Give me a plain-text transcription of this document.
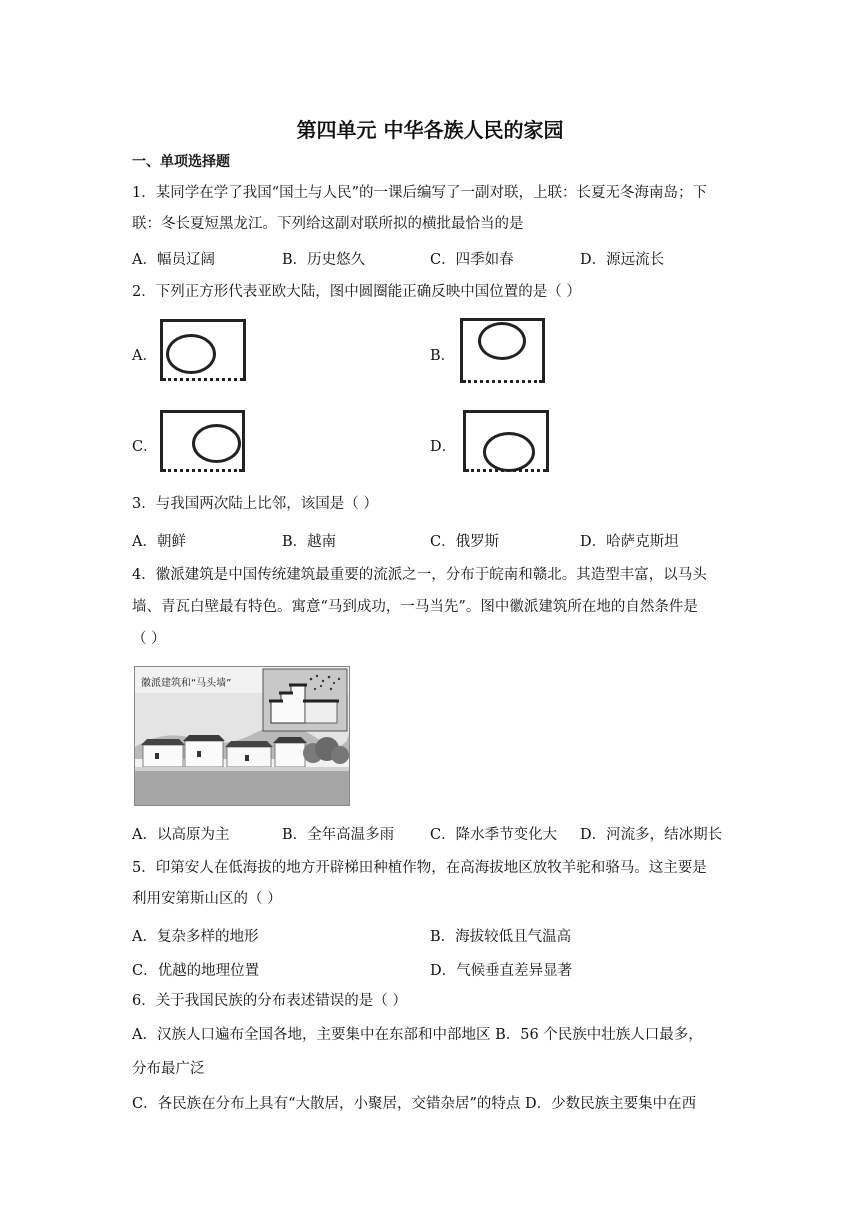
第四单元 中华各族人民的家园
一、单项选择题
1．某同学在学了我国“国土与人民”的一课后编写了一副对联，上联：长夏无冬海南岛；下
联：冬长夏短黑龙江。下列给这副对联所拟的横批最恰当的是
A．幅员辽阔	B．历史悠久	C．四季如春	D．源远流长
2．下列正方形代表亚欧大陆，图中圆圈能正确反映中国位置的是（ ）
A．	B．
C．	D．
3．与我国两次陆上比邻，该国是（ ）
A．朝鲜	B．越南	C．俄罗斯	D．哈萨克斯坦
4．徽派建筑是中国传统建筑最重要的流派之一，分布于皖南和赣北。其造型丰富，以马头
墙、青瓦白壁最有特色。寓意“马到成功，一马当先”。图中徽派建筑所在地的自然条件是
（ ）
徽派建筑和“马头墙”
A．以高原为主	B．全年高温多雨 C．降水季节变化大 D．河流多，结冰期长
5．印第安人在低海拔的地方开辟梯田种植作物，在高海拔地区放牧羊驼和骆马。这主要是
利用安第斯山区的（ ）
A．复杂多样的地形	B．海拔较低且气温高
C．优越的地理位置	D．气候垂直差异显著
6．关于我国民族的分布表述错误的是（ ）
A．汉族人口遍布全国各地，主要集中在东部和中部地区 B．56 个民族中壮族人口最多，
分布最广泛
C．各民族在分布上具有“大散居，小聚居，交错杂居”的特点 D．少数民族主要集中在西
